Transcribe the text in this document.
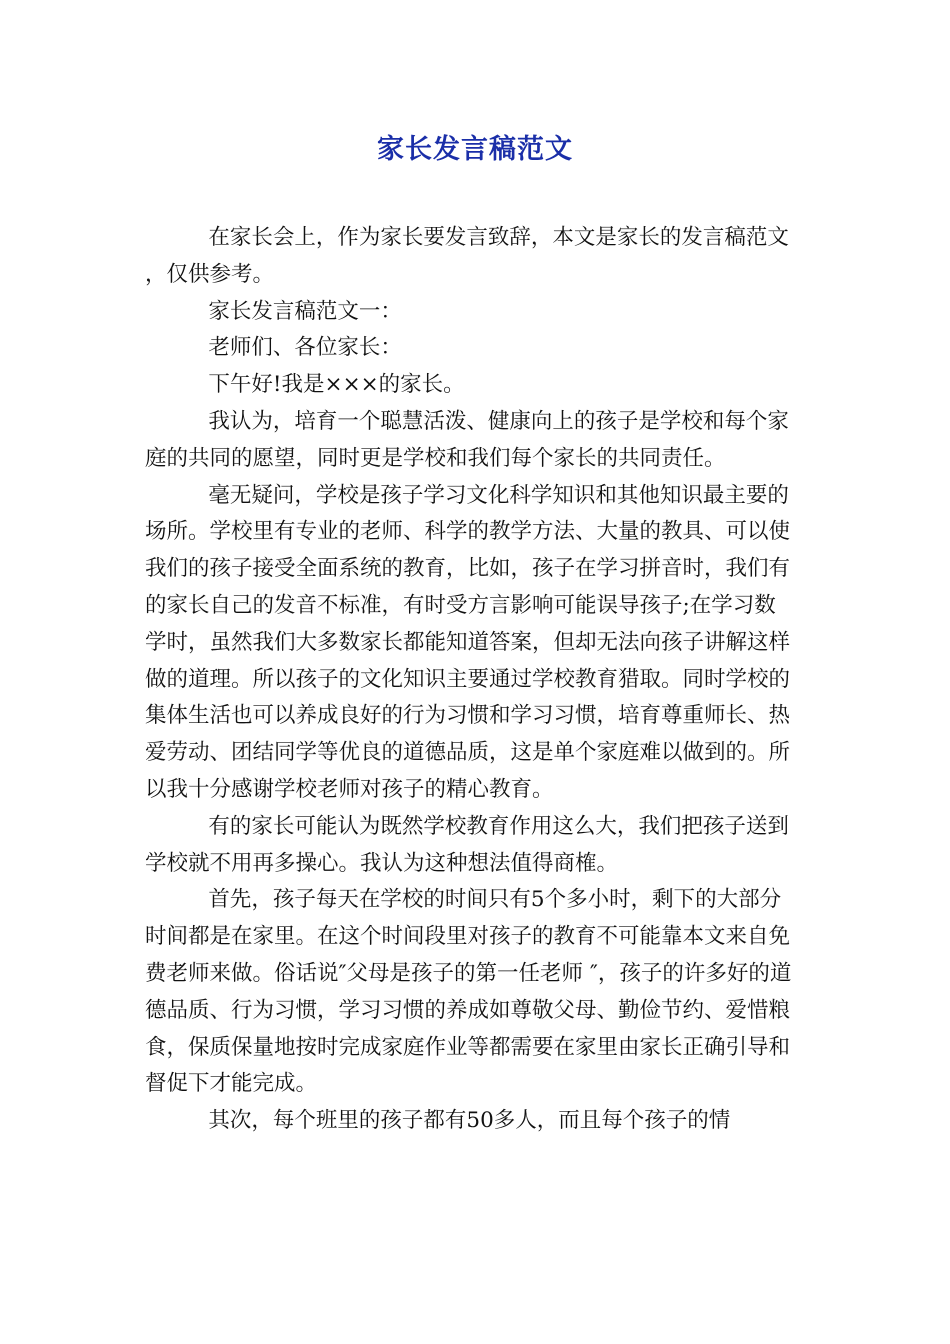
家长发言稿范文

在家长会上，作为家长要发言致辞，本文是家长的发言稿范文，仅供参考。

家长发言稿范文一：

老师们、各位家长：

下午好!我是×××的家长。

我认为，培育一个聪慧活泼、健康向上的孩子是学校和每个家庭的共同的愿望，同时更是学校和我们每个家长的共同责任。

毫无疑问，学校是孩子学习文化科学知识和其他知识最主要的场所。学校里有专业的老师、科学的教学方法、大量的教具、可以使我们的孩子接受全面系统的教育，比如，孩子在学习拼音时，我们有的家长自己的发音不标准，有时受方言影响可能误导孩子;在学习数学时，虽然我们大多数家长都能知道答案，但却无法向孩子讲解这样做的道理。所以孩子的文化知识主要通过学校教育猎取。同时学校的集体生活也可以养成良好的行为习惯和学习习惯，培育尊重师长、热爱劳动、团结同学等优良的道德品质，这是单个家庭难以做到的。所以我十分感谢学校老师对孩子的精心教育。

有的家长可能认为既然学校教育作用这么大，我们把孩子送到学校就不用再多操心。我认为这种想法值得商榷。

首先，孩子每天在学校的时间只有5个多小时，剩下的大部分时间都是在家里。在这个时间段里对孩子的教育不可能靠本文来自免费老师来做。俗话说″父母是孩子的第一任老师 ″，孩子的许多好的道德品质、行为习惯，学习习惯的养成如尊敬父母、勤俭节约、爱惜粮食，保质保量地按时完成家庭作业等都需要在家里由家长正确引导和督促下才能完成。

其次，每个班里的孩子都有50多人，而且每个孩子的情
